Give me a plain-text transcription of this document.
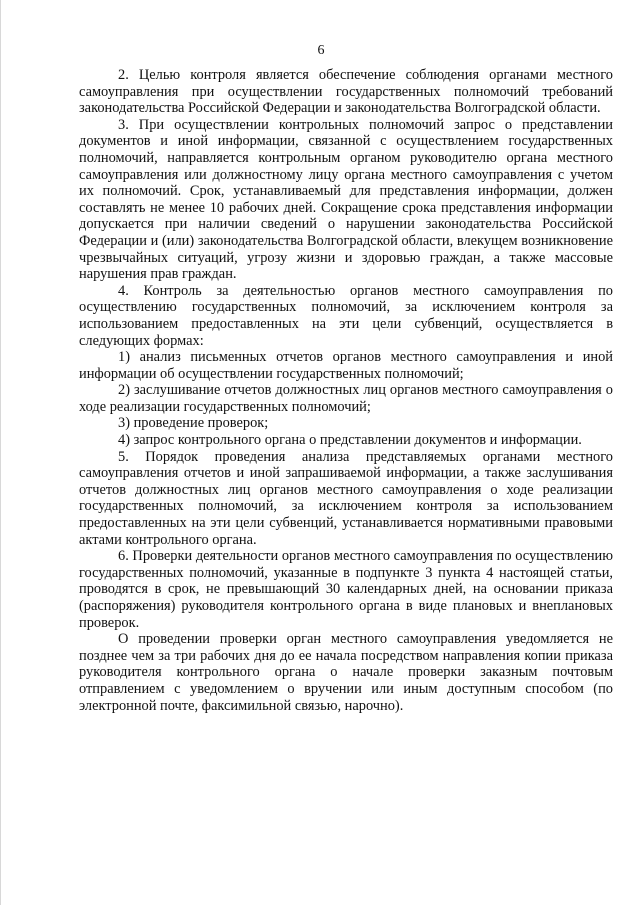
6

2. Целью контроля является обеспечение соблюдения органами местного самоуправления при осуществлении государственных полномочий требований законодательства Российской Федерации и законодательства Волгоградской области.

3. При осуществлении контрольных полномочий запрос о представлении документов и иной информации, связанной с осуществлением государственных полномочий, направляется контрольным органом руководителю органа местного самоуправления или должностному лицу органа местного самоуправления с учетом их полномочий. Срок, устанавливаемый для представления информации, должен составлять не менее 10 рабочих дней. Сокращение срока представления информации допускается при наличии сведений о нарушении законодательства Российской Федерации и (или) законодательства Волгоградской области, влекущем возникновение чрезвычайных ситуаций, угрозу жизни и здоровью граждан, а также массовые нарушения прав граждан.

4. Контроль за деятельностью органов местного самоуправления по осуществлению государственных полномочий, за исключением контроля за использованием предоставленных на эти цели субвенций, осуществляется в следующих формах:

1) анализ письменных отчетов органов местного самоуправления и иной информации об осуществлении государственных полномочий;

2) заслушивание отчетов должностных лиц органов местного самоуправления о ходе реализации государственных полномочий;

3) проведение проверок;

4) запрос контрольного органа о представлении документов и информации.

5. Порядок проведения анализа представляемых органами местного самоуправления отчетов и иной запрашиваемой информации, а также заслушивания отчетов должностных лиц органов местного самоуправления о ходе реализации государственных полномочий, за исключением контроля за использованием предоставленных на эти цели субвенций, устанавливается нормативными правовыми актами контрольного органа.

6. Проверки деятельности органов местного самоуправления по осуществлению государственных полномочий, указанные в подпункте 3 пункта 4 настоящей статьи, проводятся в срок, не превышающий 30 календарных дней, на основании приказа (распоряжения) руководителя контрольного органа в виде плановых и внеплановых проверок.

О проведении проверки орган местного самоуправления уведомляется не позднее чем за три рабочих дня до ее начала посредством направления копии приказа руководителя контрольного органа о начале проверки заказным почтовым отправлением с уведомлением о вручении или иным доступным способом (по электронной почте, факсимильной связью, нарочно).
